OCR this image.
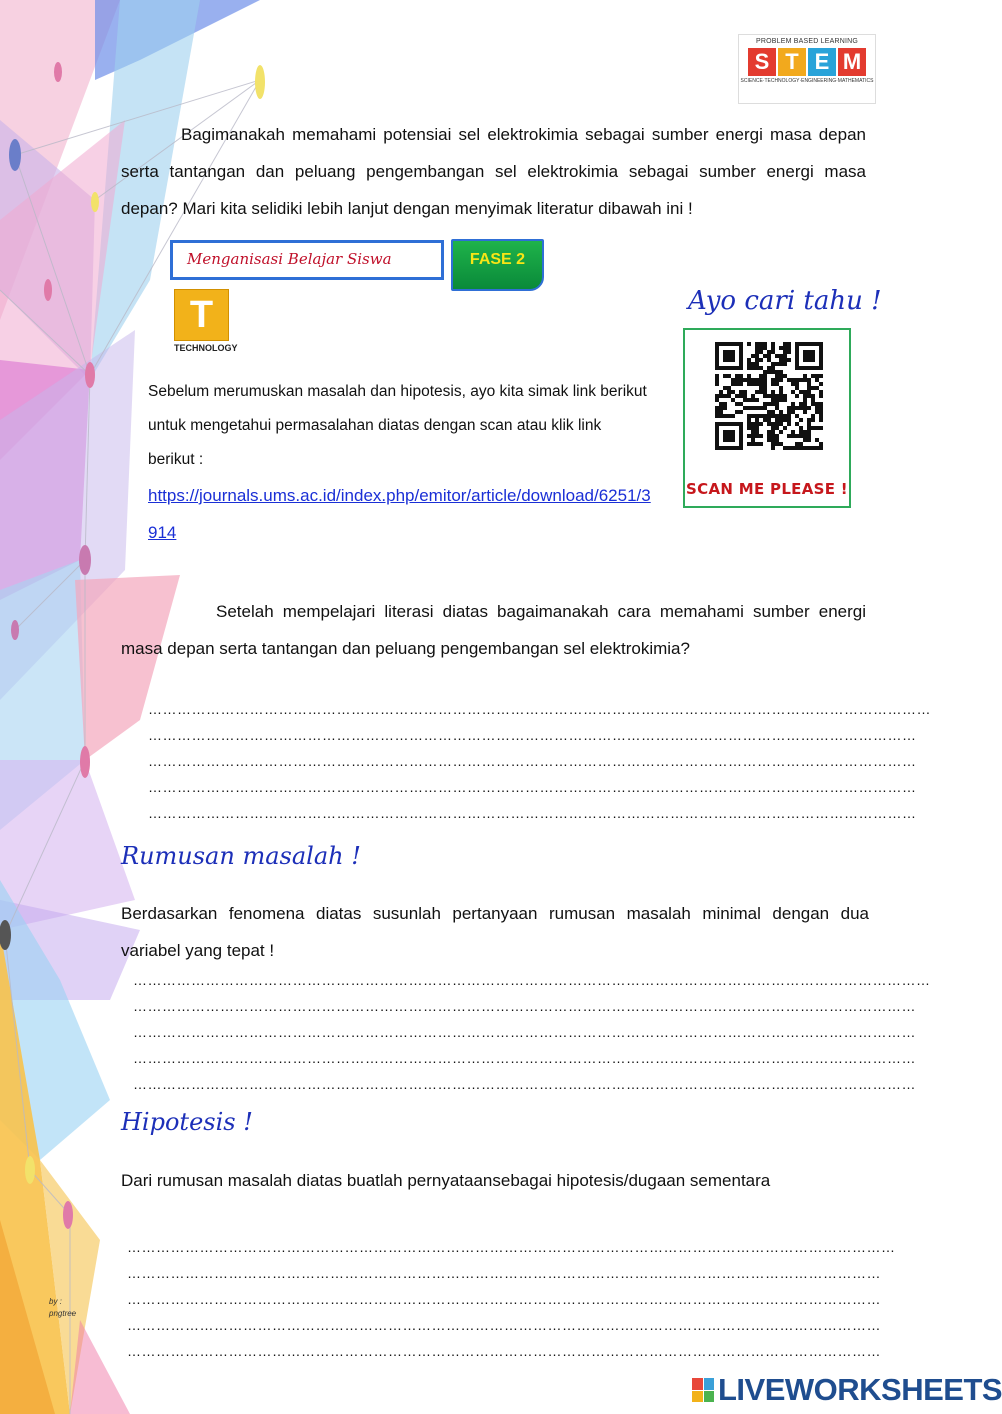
PROBLEM BASED LEARNING
S T E M
SCIENCE·TECHNOLOGY·ENGINEERING·MATHEMATICS
Bagimanakah memahami potensiai sel elektrokimia sebagai sumber energi masa depan serta tantangan dan peluang pengembangan sel elektrokimia sebagai sumber energi masa depan? Mari kita selidiki lebih lanjut dengan menyimak literatur dibawah ini !
Menganisasi Belajar Siswa	FASE 2
T
TECHNOLOGY
Sebelum merumuskan masalah dan hipotesis, ayo kita simak link berikut untuk mengetahui permasalahan diatas dengan scan atau klik link berikut :
https://journals.ums.ac.id/index.php/emitor/article/download/6251/3914
Ayo cari tahu !
SCAN ME PLEASE !
Setelah mempelajari literasi diatas bagaimanakah cara memahami sumber energi masa depan serta tantangan dan peluang pengembangan sel elektrokimia?
………………………………………………………………………………………………………………………………………………
……………………………………………………………………………………………………………………………………………
……………………………………………………………………………………………………………………………………………
……………………………………………………………………………………………………………………………………………
……………………………………………………………………………………………………………………………………………
Rumusan masalah !
Berdasarkan fenomena diatas susunlah pertanyaan rumusan masalah minimal dengan dua variabel yang tepat !
…………………………………………………………………………………………………………………………………………………
………………………………………………………………………………………………………………………………………………
………………………………………………………………………………………………………………………………………………
………………………………………………………………………………………………………………………………………………
………………………………………………………………………………………………………………………………………………
Hipotesis !
Dari rumusan masalah diatas buatlah pernyataansebagai hipotesis/dugaan sementara
……………………………………………………………………………………………………………………………………………
…………………………………………………………………………………………………………………………………………
…………………………………………………………………………………………………………………………………………
…………………………………………………………………………………………………………………………………………
…………………………………………………………………………………………………………………………………………
by :
pngtree
LIVEWORKSHEETS
